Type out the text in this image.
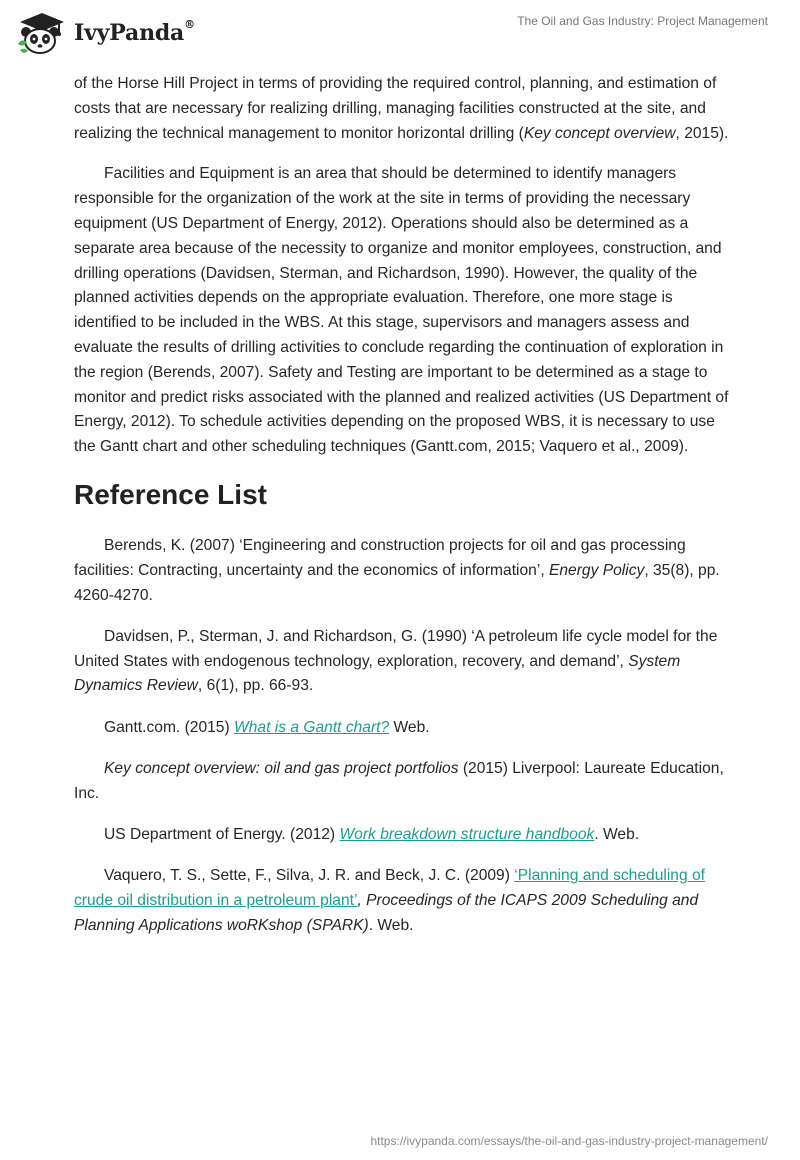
IvyPanda®	The Oil and Gas Industry: Project Management

of the Horse Hill Project in terms of providing the required control, planning, and estimation of costs that are necessary for realizing drilling, managing facilities constructed at the site, and realizing the technical management to monitor horizontal drilling (Key concept overview, 2015).

Facilities and Equipment is an area that should be determined to identify managers responsible for the organization of the work at the site in terms of providing the necessary equipment (US Department of Energy, 2012). Operations should also be determined as a separate area because of the necessity to organize and monitor employees, construction, and drilling operations (Davidsen, Sterman, and Richardson, 1990). However, the quality of the planned activities depends on the appropriate evaluation. Therefore, one more stage is identified to be included in the WBS. At this stage, supervisors and managers assess and evaluate the results of drilling activities to conclude regarding the continuation of exploration in the region (Berends, 2007). Safety and Testing are important to be determined as a stage to monitor and predict risks associated with the planned and realized activities (US Department of Energy, 2012). To schedule activities depending on the proposed WBS, it is necessary to use the Gantt chart and other scheduling techniques (Gantt.com, 2015; Vaquero et al., 2009).

Reference List

Berends, K. (2007) ‘Engineering and construction projects for oil and gas processing facilities: Contracting, uncertainty and the economics of information’, Energy Policy, 35(8), pp. 4260-4270.

Davidsen, P., Sterman, J. and Richardson, G. (1990) ‘A petroleum life cycle model for the United States with endogenous technology, exploration, recovery, and demand’, System Dynamics Review, 6(1), pp. 66-93.

Gantt.com. (2015) What is a Gantt chart? Web.

Key concept overview: oil and gas project portfolios (2015) Liverpool: Laureate Education, Inc.

US Department of Energy. (2012) Work breakdown structure handbook. Web.

Vaquero, T. S., Sette, F., Silva, J. R. and Beck, J. C. (2009) ‘Planning and scheduling of crude oil distribution in a petroleum plant’, Proceedings of the ICAPS 2009 Scheduling and Planning Applications woRKshop (SPARK). Web.

https://ivypanda.com/essays/the-oil-and-gas-industry-project-management/
